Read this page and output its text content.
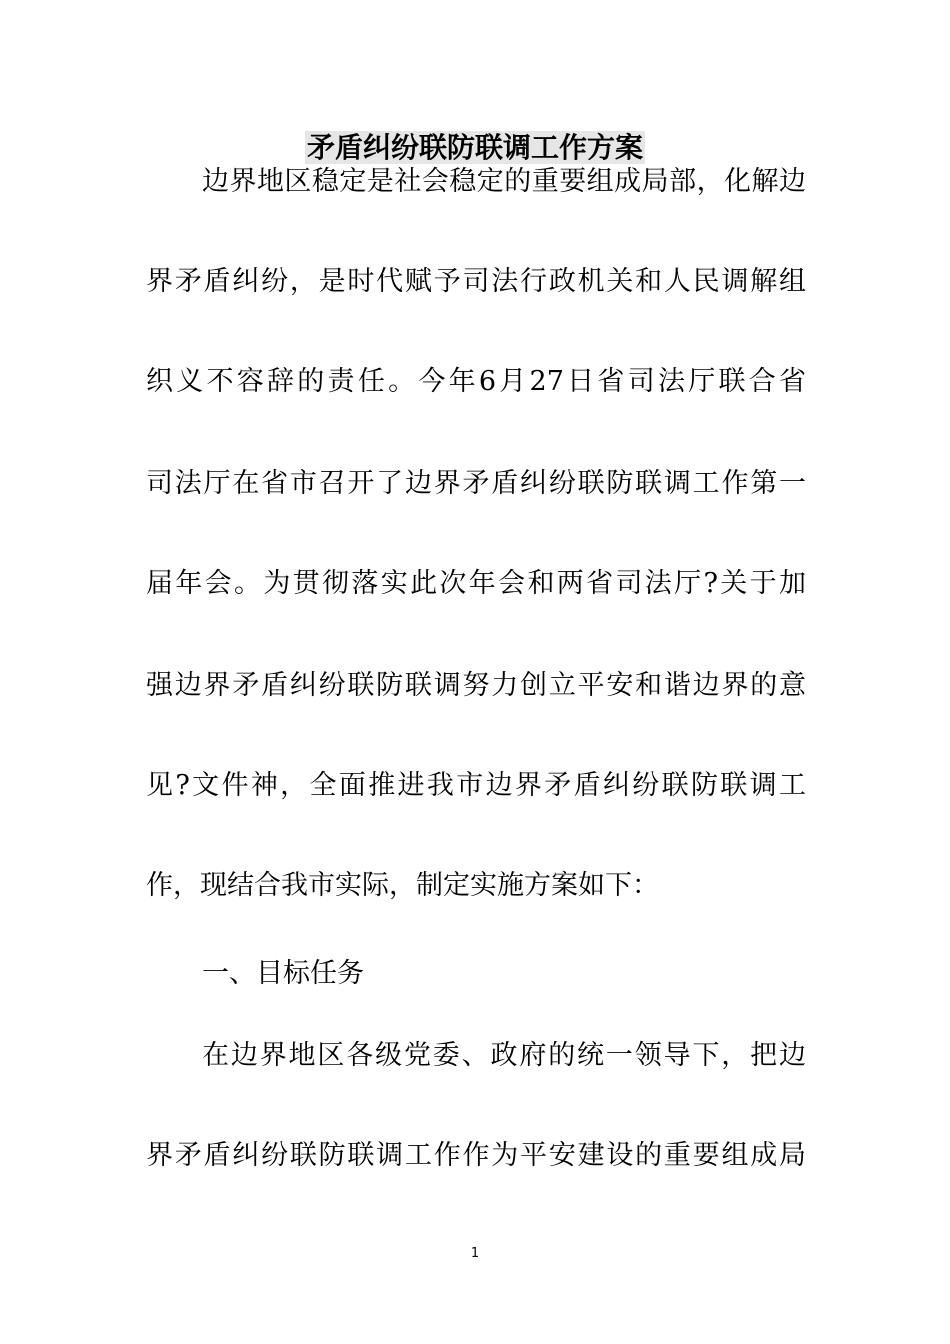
矛盾纠纷联防联调工作方案
边界地区稳定是社会稳定的重要组成局部，化解边
界矛盾纠纷，是时代赋予司法行政机关和人民调解组
织义不容辞的责任。今年6月27日省司法厅联合省
司法厅在省市召开了边界矛盾纠纷联防联调工作第一
届年会。为贯彻落实此次年会和两省司法厅?关于加
强边界矛盾纠纷联防联调努力创立平安和谐边界的意
见?文件神，全面推进我市边界矛盾纠纷联防联调工
作，现结合我市实际，制定实施方案如下：
一、目标任务
在边界地区各级党委、政府的统一领导下，把边
界矛盾纠纷联防联调工作作为平安建设的重要组成局
1
